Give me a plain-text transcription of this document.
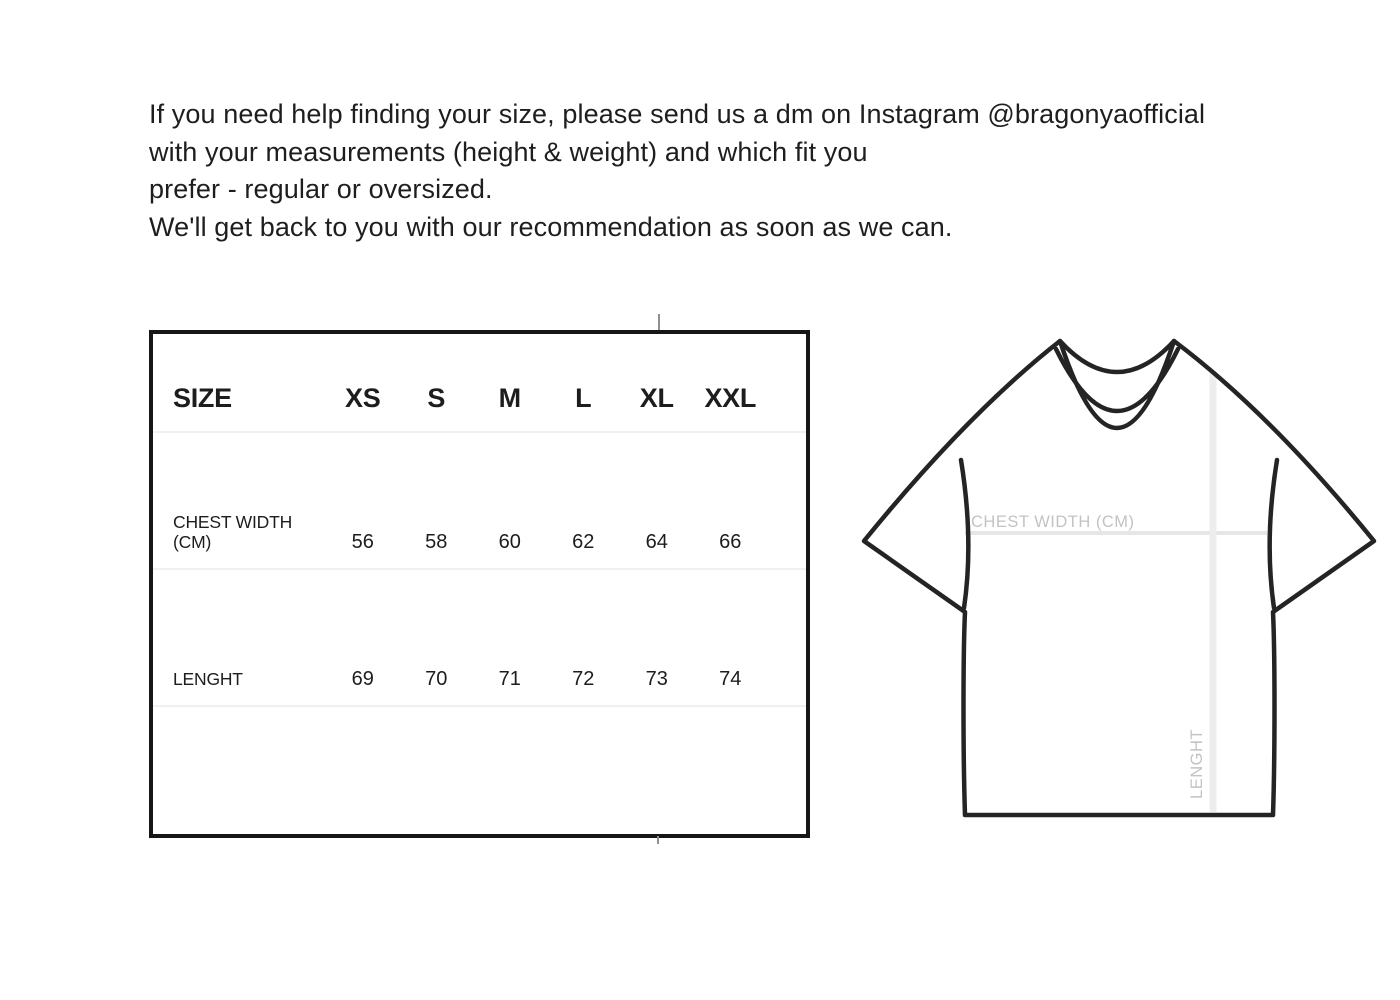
If you need help finding your size, please send us a dm on Instagram @bragonyaofficial
with your measurements (height & weight) and which fit you
prefer - regular or oversized.
We'll get back to you with our recommendation as soon as we can.
SIZE	XS	S	M	L	XL	XXL
CHEST WIDTH (CM)	56	58	60	62	64	66
LENGHT	69	70	71	72	73	74
CHEST WIDTH (CM)
LENGHT
